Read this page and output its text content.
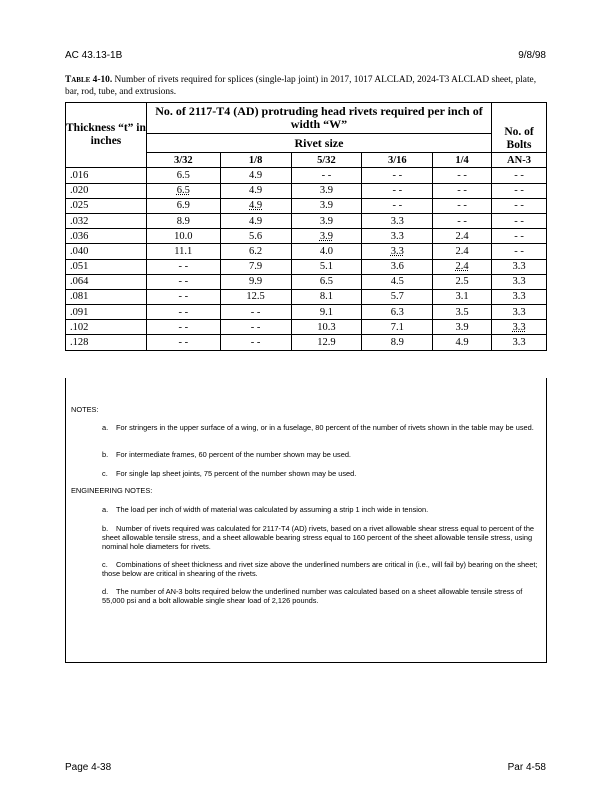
AC 43.13-1B	9/8/98
Table 4-10. Number of rivets required for splices (single-lap joint) in 2017, 1017 ALCLAD, 2024-T3 ALCLAD sheet, plate, bar, rod, tube, and extrusions.
Thickness “t” in inches	No. of 2117-T4 (AD) protruding head rivets required per inch of width “W”					No. of Bolts
	Rivet size					
	3/32	1/8	5/32	3/16	1/4	AN-3
.016	6.5	4.9	- -	- -	- -	- -
.020	6.5	4.9	3.9	- -	- -	- -
.025	6.9	4.9	3.9	- -	- -	- -
.032	8.9	4.9	3.9	3.3	- -	- -
.036	10.0	5.6	3.9	3.3	2.4	- -
.040	11.1	6.2	4.0	3.3	2.4	- -
.051	- -	7.9	5.1	3.6	2.4	3.3
.064	- -	9.9	6.5	4.5	2.5	3.3
.081	- -	12.5	8.1	5.7	3.1	3.3
.091	- -	- -	9.1	6.3	3.5	3.3
.102	- -	- -	10.3	7.1	3.9	3.3
.128	- -	- -	12.9	8.9	4.9	3.3
NOTES:
a. For stringers in the upper surface of a wing, or in a fuselage, 80 percent of the number of rivets shown in the table may be used.
b. For intermediate frames, 60 percent of the number shown may be used.
c. For single lap sheet joints, 75 percent of the number shown may be used.
ENGINEERING NOTES:
a. The load per inch of width of material was calculated by assuming a strip 1 inch wide in tension.
b. Number of rivets required was calculated for 2117-T4 (AD) rivets, based on a rivet allowable shear stress equal to percent of the sheet allowable tensile stress, and a sheet allowable bearing stress equal to 160 percent of the sheet allowable tensile stress, using nominal hole diameters for rivets.
c. Combinations of sheet thickness and rivet size above the underlined numbers are critical in (i.e., will fail by) bearing on the sheet; those below are critical in shearing of the rivets.
d. The number of AN-3 bolts required below the underlined number was calculated based on a sheet allowable tensile stress of 55,000 psi and a bolt allowable single shear load of 2,126 pounds.
Page 4-38	Par 4-58
